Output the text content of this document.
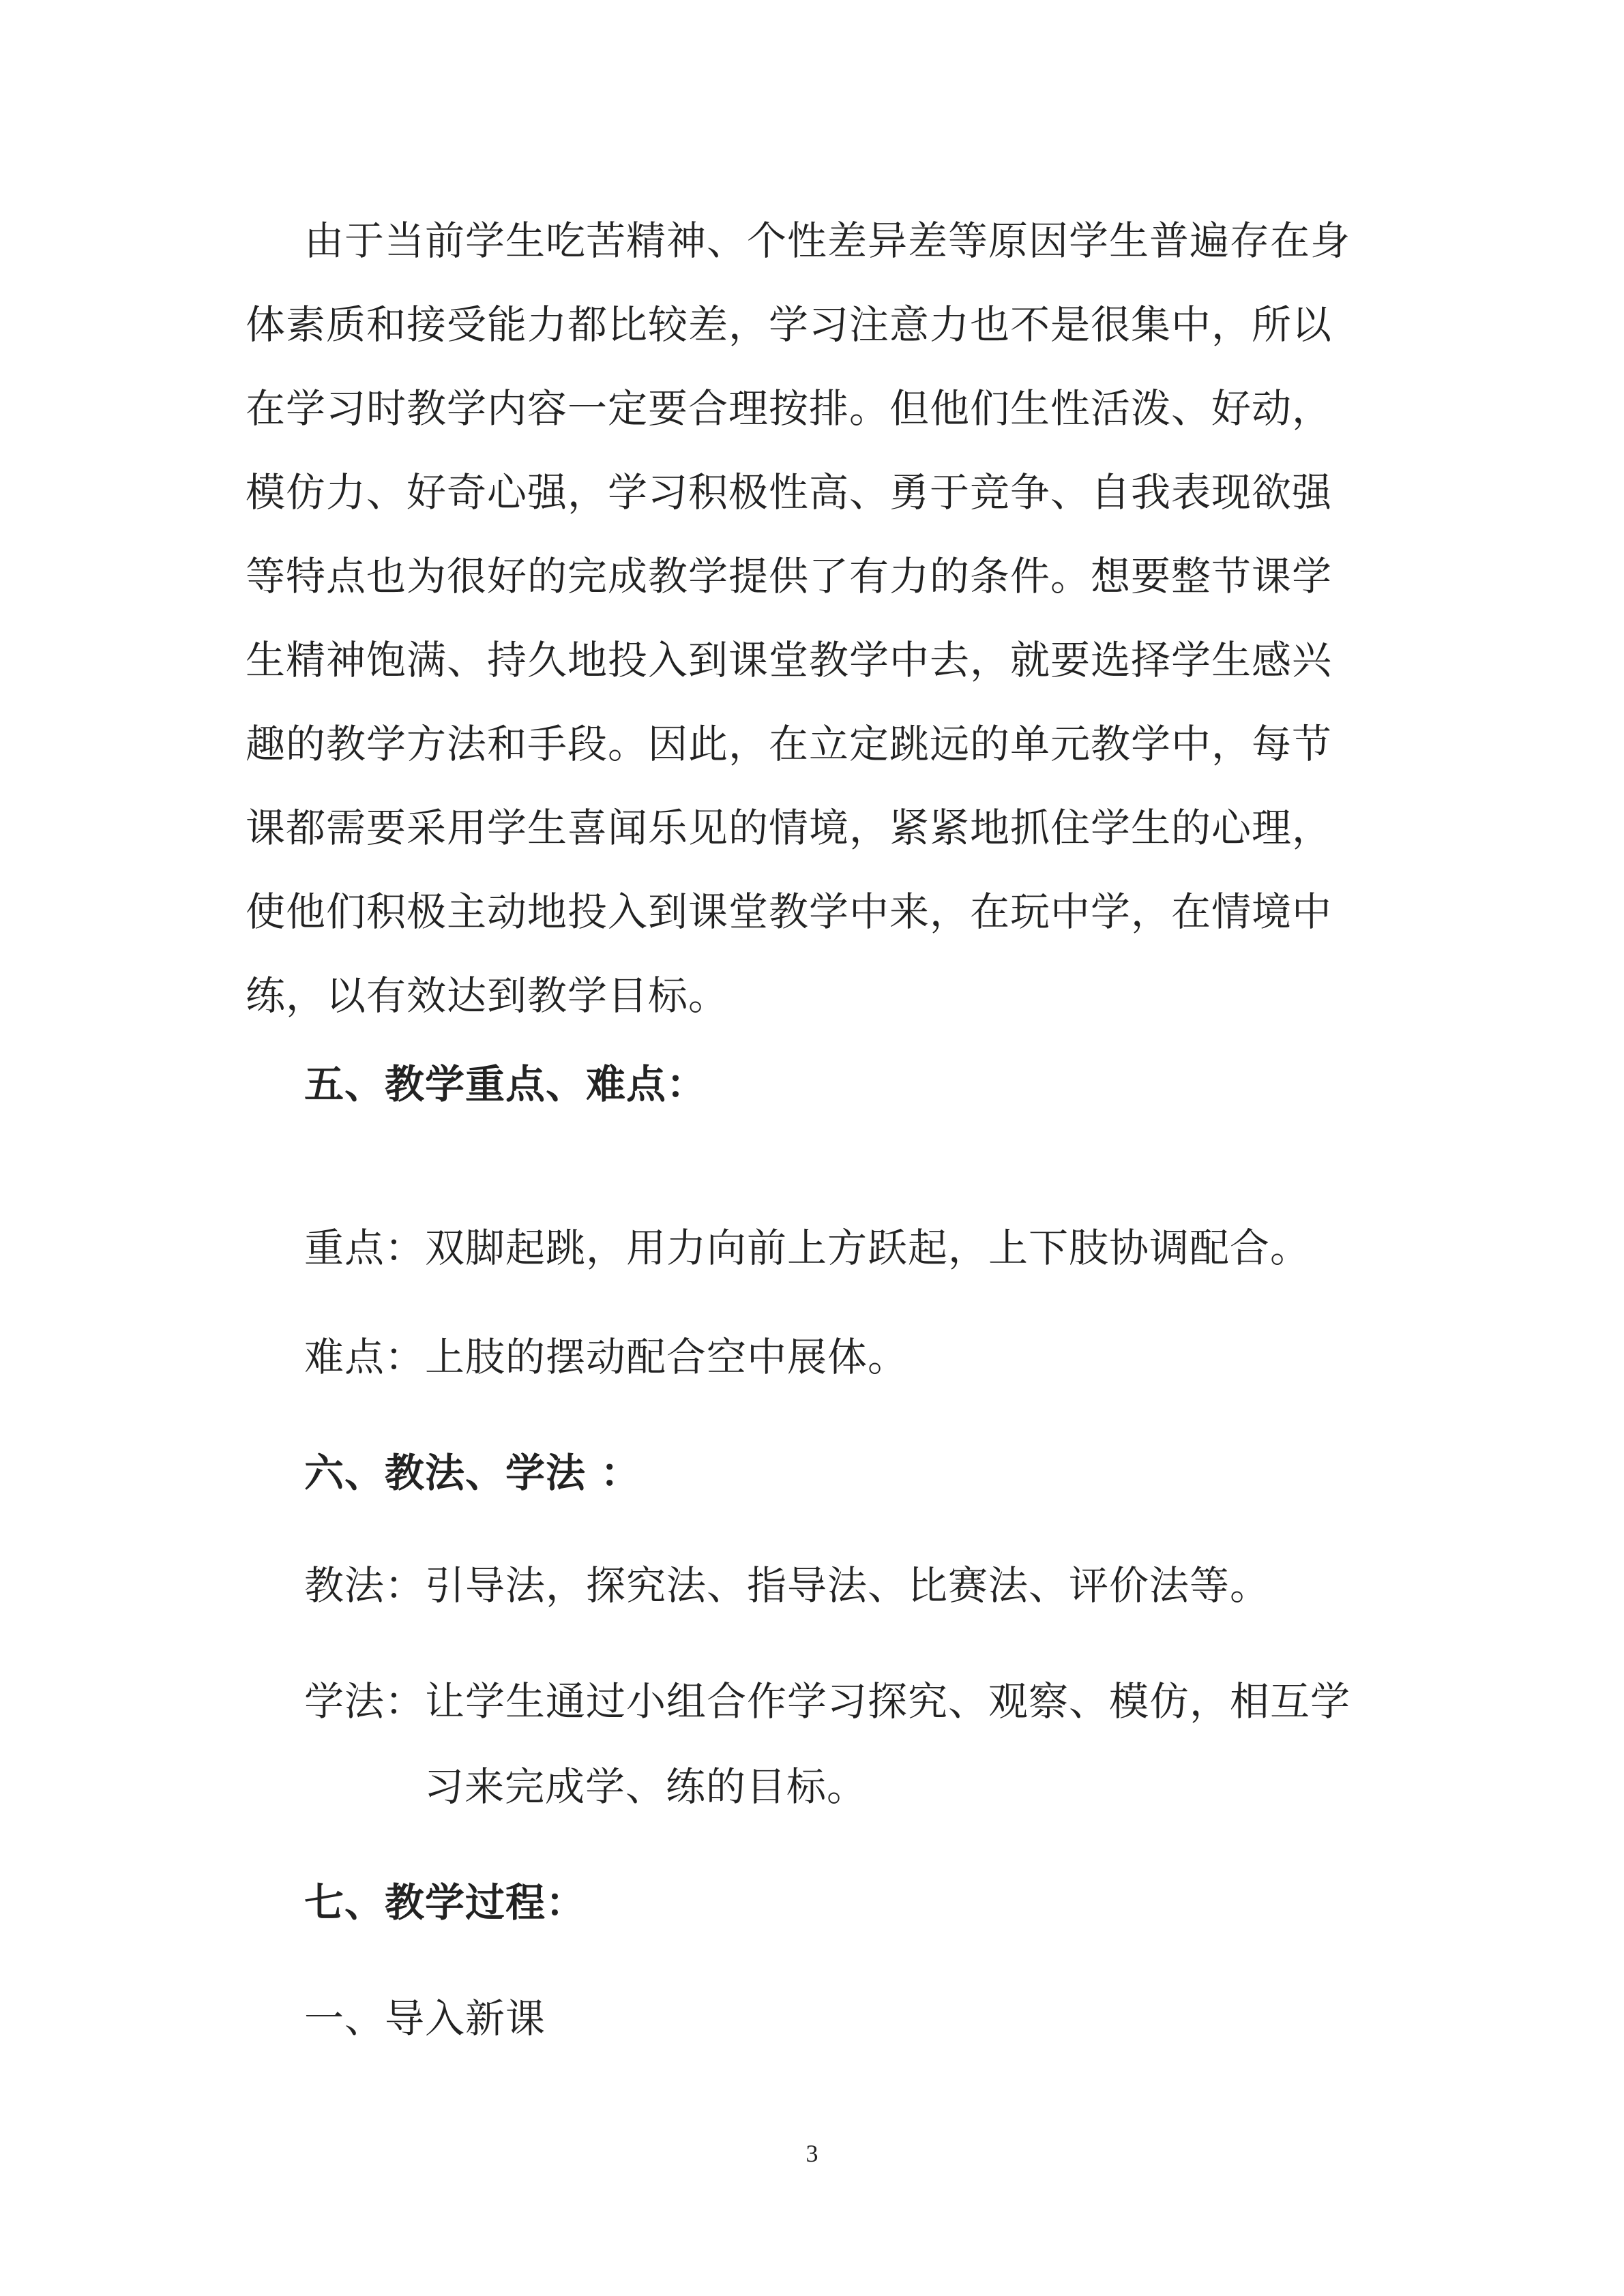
由于当前学生吃苦精神、个性差异差等原因学生普遍存在身
体素质和接受能力都比较差，学习注意力也不是很集中，所以
在学习时教学内容一定要合理按排。但他们生性活泼、好动，
模仿力、好奇心强，学习积极性高、勇于竞争、自我表现欲强
等特点也为很好的完成教学提供了有力的条件。想要整节课学
生精神饱满、持久地投入到课堂教学中去，就要选择学生感兴
趣的教学方法和手段。因此，在立定跳远的单元教学中，每节
课都需要采用学生喜闻乐见的情境，紧紧地抓住学生的心理，
使他们积极主动地投入到课堂教学中来，在玩中学，在情境中
练，以有效达到教学目标。
五、教学重点、难点：
重点：双脚起跳，用力向前上方跃起，上下肢协调配合。
难点：上肢的摆动配合空中展体。
六、教法、学法 ：
教法：引导法，探究法、指导法、比赛法、评价法等。
学法：让学生通过小组合作学习探究、观察、模仿，相互学
习来完成学、练的目标。
七、教学过程：
一、导入新课
3
